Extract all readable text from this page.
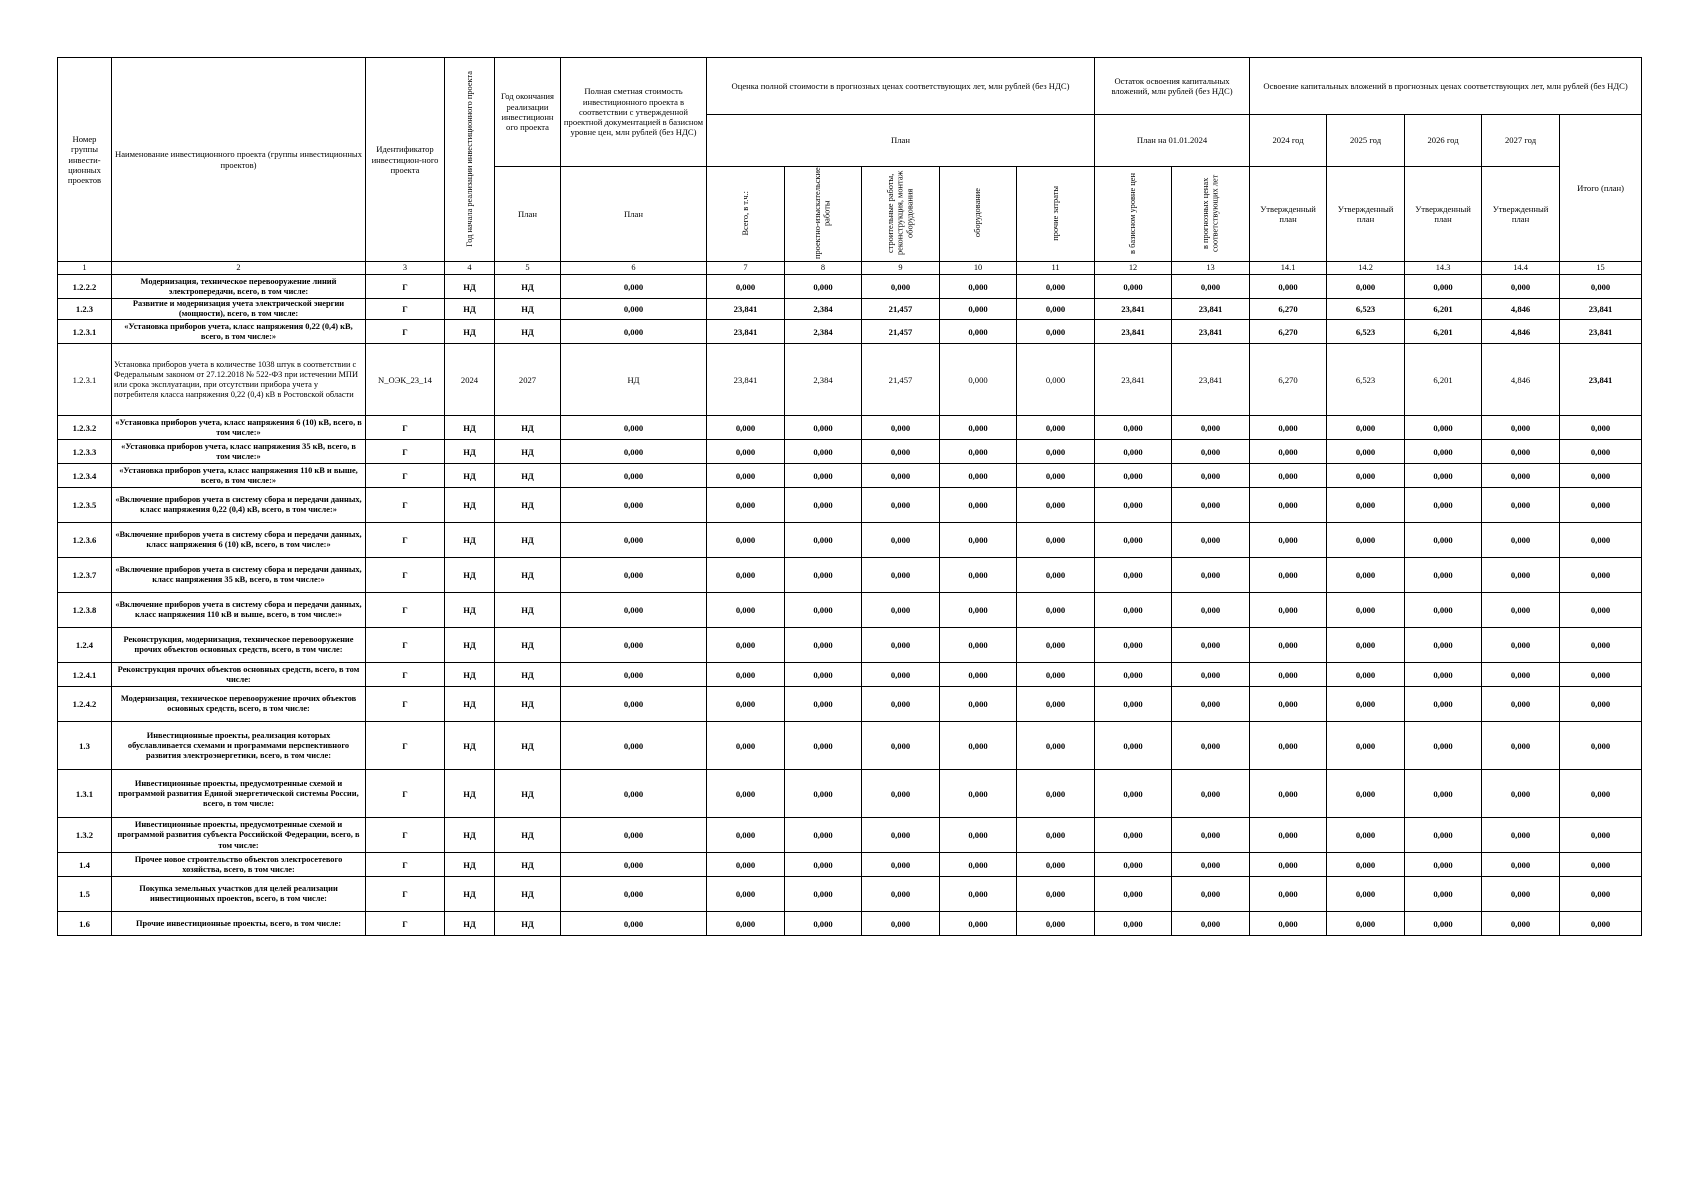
Номер группы инвести-ционных проектов	Наименование инвестиционного проекта (группы инвестиционных проектов)	Идентификатор инвестицион-ного проекта	Год начала реализации инвестиционного проекта	Год окончания реализации инвестиционн ого проекта	Полная сметная стоимость инвестиционного проекта в соответствии с утвержденной проектной документацией в базисном уровне цен, млн рублей (без НДС)	Оценка полной стоимости в прогнозных ценах соответствующих лет, млн рублей (без НДС)					Остаток освоения капитальных вложений, млн рублей (без НДС)		Освоение капитальных вложений в прогнозных ценах соответствующих лет, млн рублей (без НДС)				
						План					План на 01.01.2024		2024 год	2025 год	2026 год	2027 год	Итого (план)
				План	План	Всего, в т.ч.:	проектно-изыскательские работы	строительные работы, реконструкция, монтаж оборудования	оборудование	прочие затраты	в базисном уровне цен	в прогнозных ценах соответствующих лет	Утвержденный план	Утвержденный план	Утвержденный план	Утвержденный план	
1	2	3	4	5	6	7	8	9	10	11	12	13	14.1	14.2	14.3	14.4	15
1.2.2.2	Модернизация, техническое перевооружение линий электропередачи, всего, в том числе:	Г	НД	НД	0,000	0,000	0,000	0,000	0,000	0,000	0,000	0,000	0,000	0,000	0,000	0,000	0,000
1.2.3	Развитие и модернизация учета электрической энергии (мощности), всего, в том числе:	Г	НД	НД	0,000	23,841	2,384	21,457	0,000	0,000	23,841	23,841	6,270	6,523	6,201	4,846	23,841
1.2.3.1	«Установка приборов учета, класс напряжения 0,22 (0,4) кВ, всего, в том числе:»	Г	НД	НД	0,000	23,841	2,384	21,457	0,000	0,000	23,841	23,841	6,270	6,523	6,201	4,846	23,841
1.2.3.1	Установка приборов учета в количестве 1038 штук в соответствии с Федеральным законом от 27.12.2018 № 522-ФЗ при истечении МПИ или срока эксплуатации, при отсутствии прибора учета у потребителя класса напряжения 0,22 (0,4) кВ в Ростовской области	N_ОЭК_23_14	2024	2027	НД	23,841	2,384	21,457	0,000	0,000	23,841	23,841	6,270	6,523	6,201	4,846	23,841
1.2.3.2	«Установка приборов учета, класс напряжения 6 (10) кВ, всего, в том числе:»	Г	НД	НД	0,000	0,000	0,000	0,000	0,000	0,000	0,000	0,000	0,000	0,000	0,000	0,000	0,000
1.2.3.3	«Установка приборов учета, класс напряжения 35 кВ, всего, в том числе:»	Г	НД	НД	0,000	0,000	0,000	0,000	0,000	0,000	0,000	0,000	0,000	0,000	0,000	0,000	0,000
1.2.3.4	«Установка приборов учета, класс напряжения 110 кВ и выше, всего, в том числе:»	Г	НД	НД	0,000	0,000	0,000	0,000	0,000	0,000	0,000	0,000	0,000	0,000	0,000	0,000	0,000
1.2.3.5	«Включение приборов учета в систему сбора и передачи данных, класс напряжения 0,22 (0,4) кВ, всего, в том числе:»	Г	НД	НД	0,000	0,000	0,000	0,000	0,000	0,000	0,000	0,000	0,000	0,000	0,000	0,000	0,000
1.2.3.6	«Включение приборов учета в систему сбора и передачи данных, класс напряжения 6 (10) кВ, всего, в том числе:»	Г	НД	НД	0,000	0,000	0,000	0,000	0,000	0,000	0,000	0,000	0,000	0,000	0,000	0,000	0,000
1.2.3.7	«Включение приборов учета в систему сбора и передачи данных, класс напряжения 35 кВ, всего, в том числе:»	Г	НД	НД	0,000	0,000	0,000	0,000	0,000	0,000	0,000	0,000	0,000	0,000	0,000	0,000	0,000
1.2.3.8	«Включение приборов учета в систему сбора и передачи данных, класс напряжения 110 кВ и выше, всего, в том числе:»	Г	НД	НД	0,000	0,000	0,000	0,000	0,000	0,000	0,000	0,000	0,000	0,000	0,000	0,000	0,000
1.2.4	Реконструкция, модернизация, техническое перевооружение прочих объектов основных средств, всего, в том числе:	Г	НД	НД	0,000	0,000	0,000	0,000	0,000	0,000	0,000	0,000	0,000	0,000	0,000	0,000	0,000
1.2.4.1	Реконструкция прочих объектов основных средств, всего, в том числе:	Г	НД	НД	0,000	0,000	0,000	0,000	0,000	0,000	0,000	0,000	0,000	0,000	0,000	0,000	0,000
1.2.4.2	Модернизация, техническое перевооружение прочих объектов основных средств, всего, в том числе:	Г	НД	НД	0,000	0,000	0,000	0,000	0,000	0,000	0,000	0,000	0,000	0,000	0,000	0,000	0,000
1.3	Инвестиционные проекты, реализация которых обуславливается схемами и программами перспективного развития электроэнергетики, всего, в том числе:	Г	НД	НД	0,000	0,000	0,000	0,000	0,000	0,000	0,000	0,000	0,000	0,000	0,000	0,000	0,000
1.3.1	Инвестиционные проекты, предусмотренные схемой и программой развития Единой энергетической системы России, всего, в том числе:	Г	НД	НД	0,000	0,000	0,000	0,000	0,000	0,000	0,000	0,000	0,000	0,000	0,000	0,000	0,000
1.3.2	Инвестиционные проекты, предусмотренные схемой и программой развития субъекта Российской Федерации, всего, в том числе:	Г	НД	НД	0,000	0,000	0,000	0,000	0,000	0,000	0,000	0,000	0,000	0,000	0,000	0,000	0,000
1.4	Прочее новое строительство объектов электросетевого хозяйства, всего, в том числе:	Г	НД	НД	0,000	0,000	0,000	0,000	0,000	0,000	0,000	0,000	0,000	0,000	0,000	0,000	0,000
1.5	Покупка земельных участков для целей реализации инвестиционных проектов, всего, в том числе:	Г	НД	НД	0,000	0,000	0,000	0,000	0,000	0,000	0,000	0,000	0,000	0,000	0,000	0,000	0,000
1.6	Прочие инвестиционные проекты, всего, в том числе:	Г	НД	НД	0,000	0,000	0,000	0,000	0,000	0,000	0,000	0,000	0,000	0,000	0,000	0,000	0,000
